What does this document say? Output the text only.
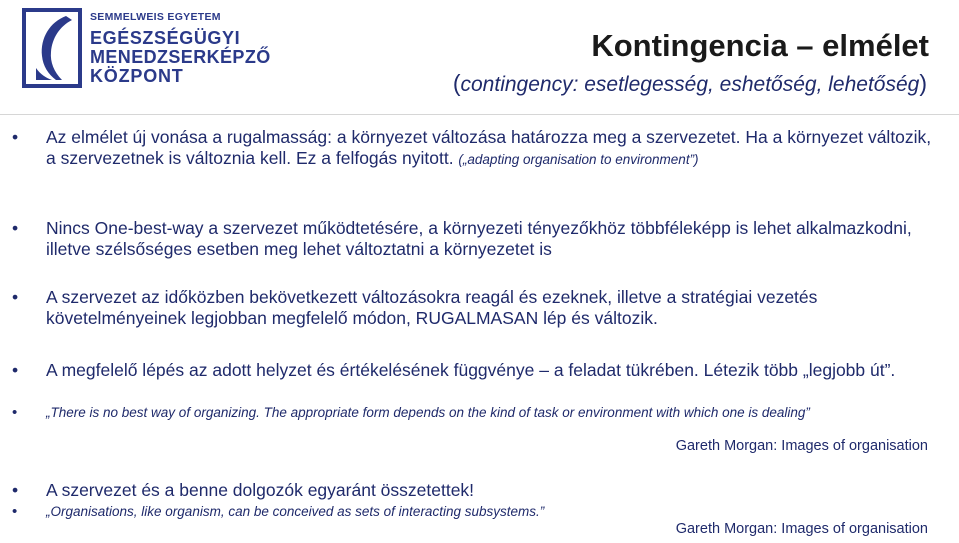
SEMMELWEIS EGYETEM
EGÉSZSÉGÜGYI
MENEDZSERKÉPZŐ
KÖZPONT
Kontingencia – elmélet
(contingency: esetlegesség, eshetőség, lehetőség)
• Az elmélet új vonása a rugalmasság: a környezet változása határozza meg a szervezetet. Ha a környezet változik, a szervezetnek is változnia kell. Ez a felfogás nyitott. („adapting organisation to environment”)
• Nincs One-best-way a szervezet működtetésére, a környezeti tényezőkhöz többféleképp is lehet alkalmazkodni, illetve szélsőséges esetben meg lehet változtatni a környezetet is
• A szervezet az időközben bekövetkezett változásokra reagál és ezeknek, illetve a stratégiai vezetés követelményeinek legjobban megfelelő módon, RUGALMASAN lép és változik.
• A megfelelő lépés az adott helyzet és értékelésének függvénye – a feladat tükrében. Létezik több „legjobb út”.
• „There is no best way of organizing. The appropriate form depends on the kind of task or environment with which one is dealing”
Gareth Morgan: Images of organisation
• A szervezet és a benne dolgozók egyaránt összetettek!
• „Organisations, like organism, can be conceived as sets of interacting subsystems.”
Gareth Morgan: Images of organisation
